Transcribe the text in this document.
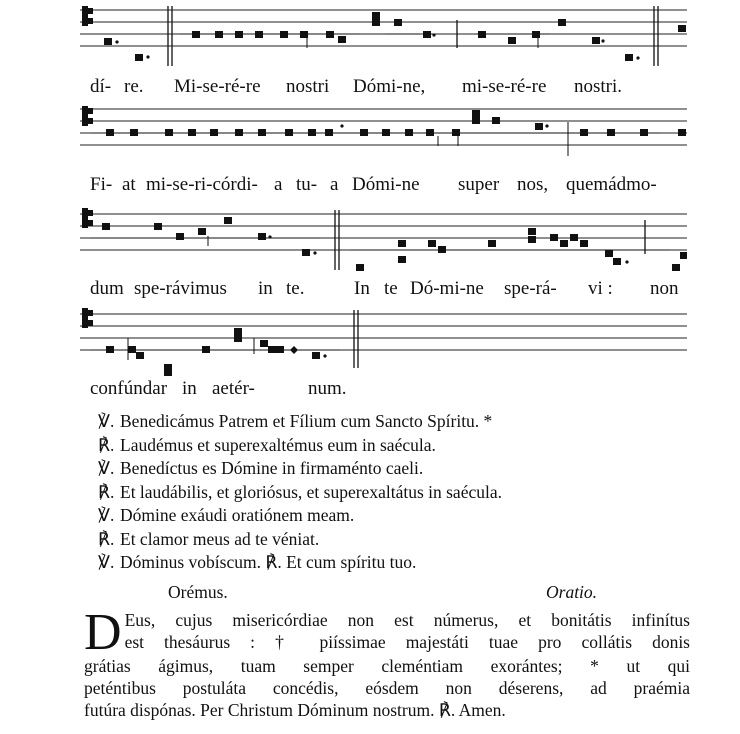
dí-

re.

Mi-se-ré-re

nostri

Dómi-ne,

mi-se-ré-re

nostri.

Fi-

at

mi-se-ri-córdi-

a

tu-

a

Dómi-ne

super

nos,

quemádmo-

dum

spe-rávimus

in

te.

	In

te

Dó-mi-ne

spe-rá-

vi :

non

confúndar

in

aetér-

	num.

℣. Benedicámus Patrem et Fílium cum Sancto Spíritu. *
℟. Laudémus et superexaltémus eum in saécula.
℣. Benedíctus es Dómine in firmaménto caeli.
℟. Et laudábilis, et gloriósus, et superexaltátus in saécula.
℣. Dómine exáudi oratiónem meam.
℟. Et clamor meus ad te véniat.
℣. Dóminus vobíscum. ℟. Et cum spíritu tuo.
Orémus.	Oratio.
D Eus, cujus misericórdiae non est númerus, et bonitátis infinítus
est thesáurus : † piíssimae majestáti tuae pro collátis donis
grátias ágimus, tuam semper cleméntiam exorántes; * ut qui
peténtibus postuláta concédis, eósdem non déserens, ad praémia
futúra dispónas. Per Christum Dóminum nostrum. ℟. Amen.
